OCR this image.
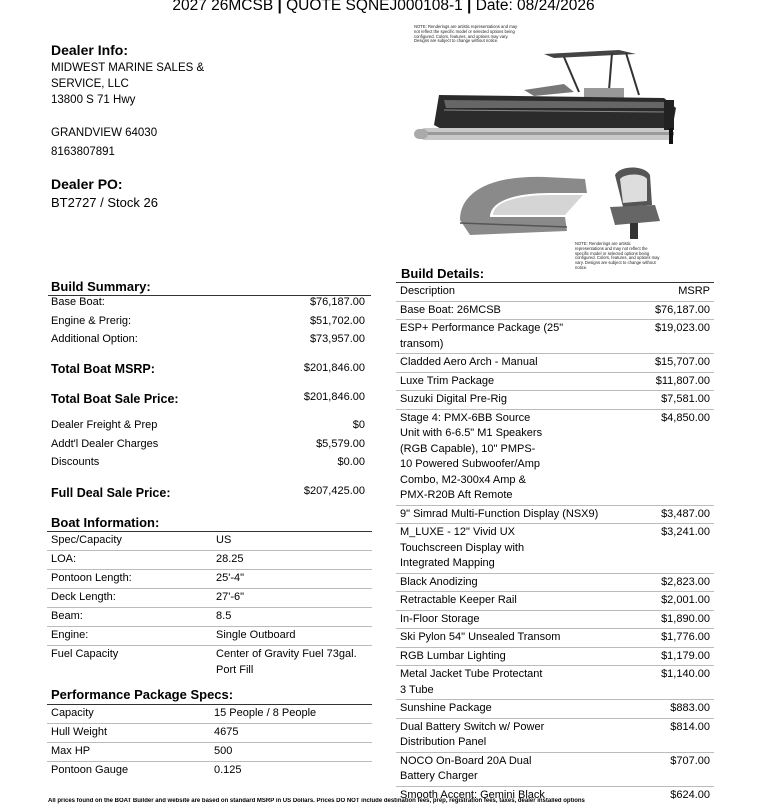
2027 26MCSB | QUOTE SQNEJ000108-1 | Date: 08/24/2026
Dealer Info:
MIDWEST MARINE SALES &
SERVICE, LLC
13800 S 71 Hwy
GRANDVIEW 64030
8163807891
Dealer PO:
BT2727 / Stock 26
NOTE: Renderings are artistic representations and may not reflect the specific model or selected options being configured. Colors, features, and options may vary. Designs are subject to change without notice.
NOTE: Renderings are artistic representations and may not reflect the specific model or selected options being configured. Colors, features, and options may vary. Designs are subject to change without notice.
Build Summary:
Base Boat:	$76,187.00
Engine & Prerig:	$51,702.00
Additional Option:	$73,957.00
Total Boat MSRP:	$201,846.00
Total Boat Sale Price:	$201,846.00
Dealer Freight & Prep	$0
Addt'l Dealer Charges	$5,579.00
Discounts	$0.00
Full Deal Sale Price:	$207,425.00
Boat Information:
Spec/Capacity	US
LOA:	28.25
Pontoon Length:	25'-4"
Deck Length:	27'-6"
Beam:	8.5
Engine:	Single Outboard
Fuel Capacity	Center of Gravity Fuel 73gal. Port Fill
Performance Package Specs:
Capacity	15 People / 8 People
Hull Weight	4675
Max HP	500
Pontoon Gauge	0.125
Build Details:
Description	MSRP
Base Boat: 26MCSB	$76,187.00
ESP+ Performance Package (25" transom)	$19,023.00
Cladded Aero Arch - Manual	$15,707.00
Luxe Trim Package	$11,807.00
Suzuki Digital Pre-Rig	$7,581.00
Stage 4: PMX-6BB Source Unit with 6-6.5" M1 Speakers (RGB Capable), 10" PMPS-10 Powered Subwoofer/Amp Combo, M2-300x4 Amp & PMX-R20B Aft Remote	$4,850.00
9" Simrad Multi-Function Display (NSX9)	$3,487.00
M_LUXE - 12" Vivid UX Touchscreen Display with Integrated Mapping	$3,241.00
Black Anodizing	$2,823.00
Retractable Keeper Rail	$2,001.00
In-Floor Storage	$1,890.00
Ski Pylon 54" Unsealed Transom	$1,776.00
RGB Lumbar Lighting	$1,179.00
Metal Jacket Tube Protectant 3 Tube	$1,140.00
Sunshine Package	$883.00
Dual Battery Switch w/ Power Distribution Panel	$814.00
NOCO On-Board 20A Dual Battery Charger	$707.00
Smooth Accent: Gemini Black	$624.00
All prices found on the BOAT Builder and website are based on standard MSRP in US Dollars. Prices DO NOT include destination fees, prep, registration fees, taxes, dealer installed options
